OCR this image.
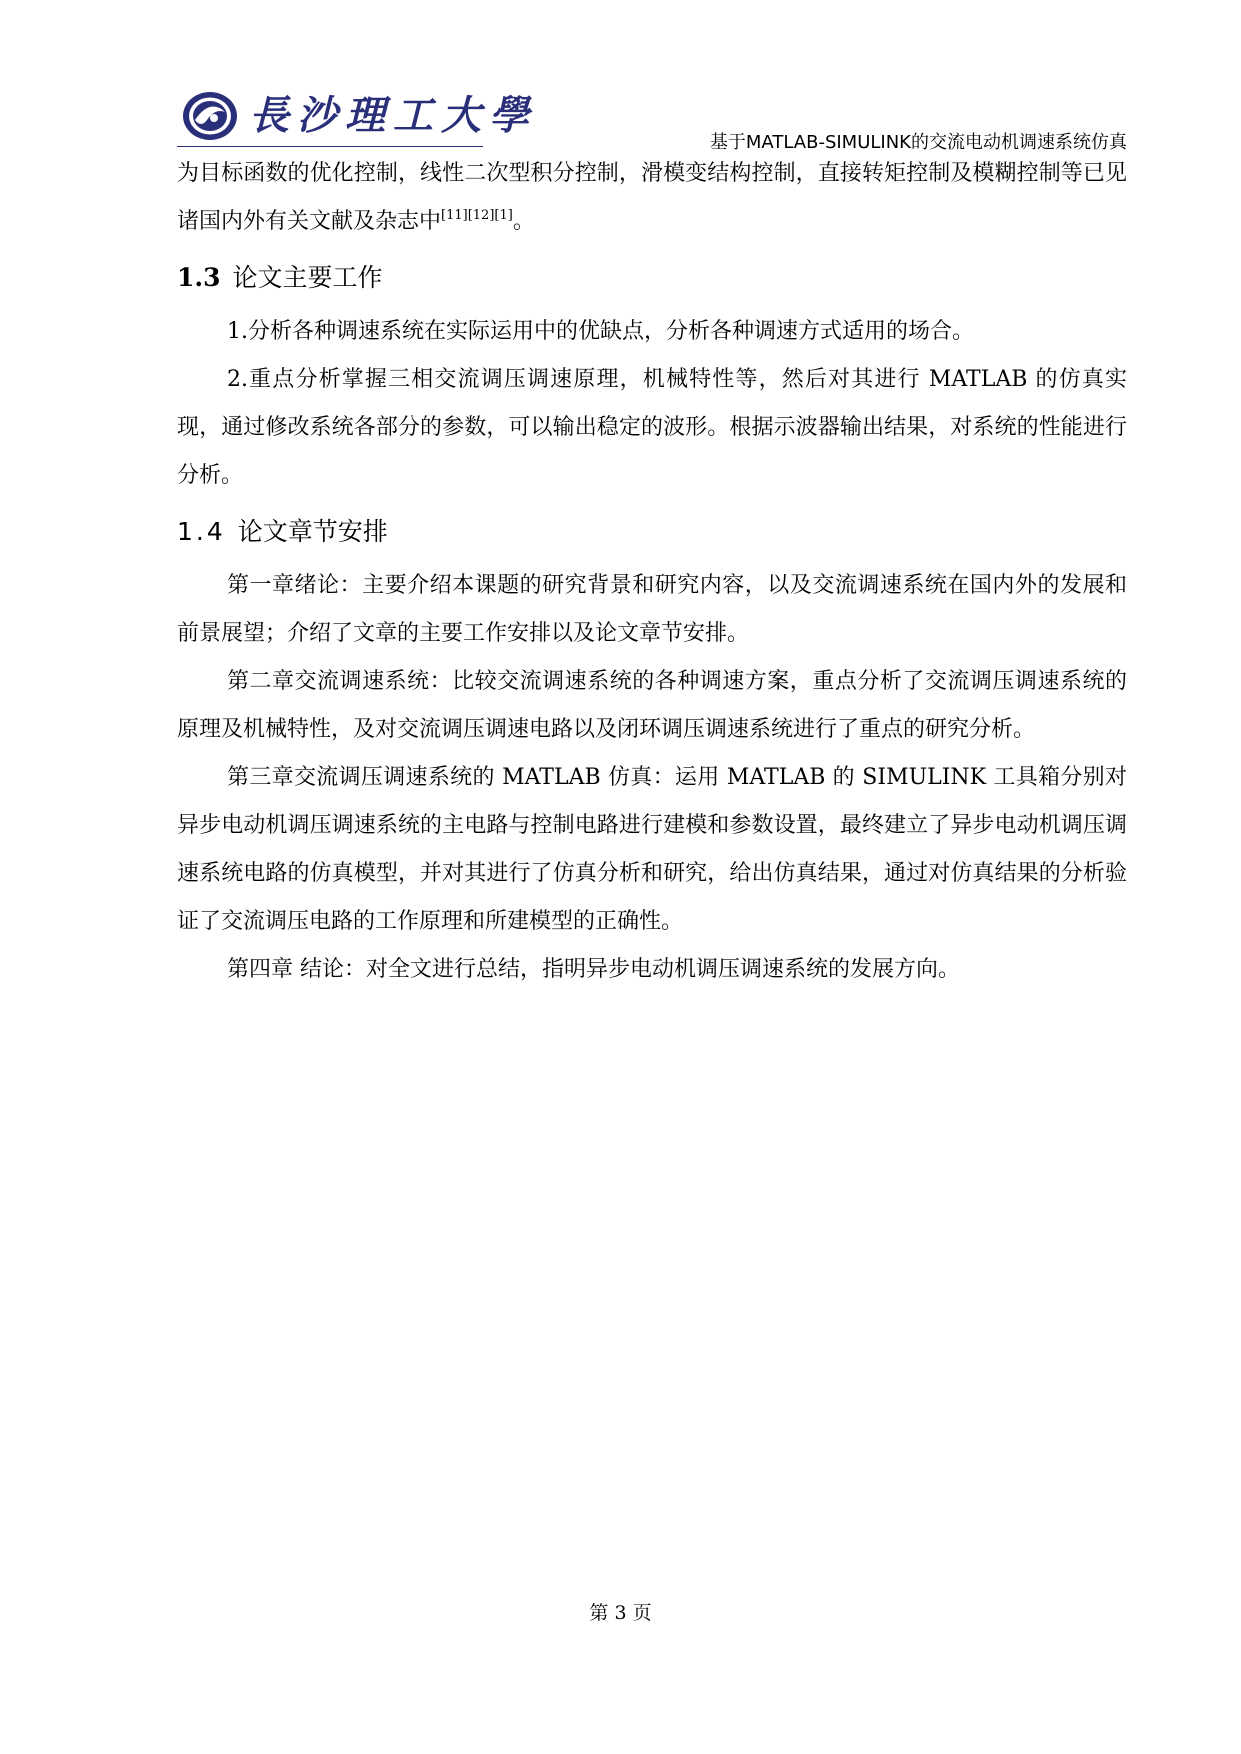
長沙理工大學
基于MATLAB-SIMULINK的交流电动机调速系统仿真

为目标函数的优化控制，线性二次型积分控制，滑模变结构控制，直接转矩控制及模糊控制等已见诸国内外有关文献及杂志中[11][12][1]。

1.3 论文主要工作

1.分析各种调速系统在实际运用中的优缺点，分析各种调速方式适用的场合。

2.重点分析掌握三相交流调压调速原理，机械特性等，然后对其进行 MATLAB 的仿真实现，通过修改系统各部分的参数，可以输出稳定的波形。根据示波器输出结果，对系统的性能进行分析。

1.4 论文章节安排

第一章绪论：主要介绍本课题的研究背景和研究内容，以及交流调速系统在国内外的发展和前景展望；介绍了文章的主要工作安排以及论文章节安排。

第二章交流调速系统：比较交流调速系统的各种调速方案，重点分析了交流调压调速系统的原理及机械特性，及对交流调压调速电路以及闭环调压调速系统进行了重点的研究分析。

第三章交流调压调速系统的 MATLAB 仿真：运用 MATLAB 的 SIMULINK 工具箱分别对异步电动机调压调速系统的主电路与控制电路进行建模和参数设置，最终建立了异步电动机调压调速系统电路的仿真模型，并对其进行了仿真分析和研究，给出仿真结果，通过对仿真结果的分析验证了交流调压电路的工作原理和所建模型的正确性。

第四章 结论：对全文进行总结，指明异步电动机调压调速系统的发展方向。

第 3 页
